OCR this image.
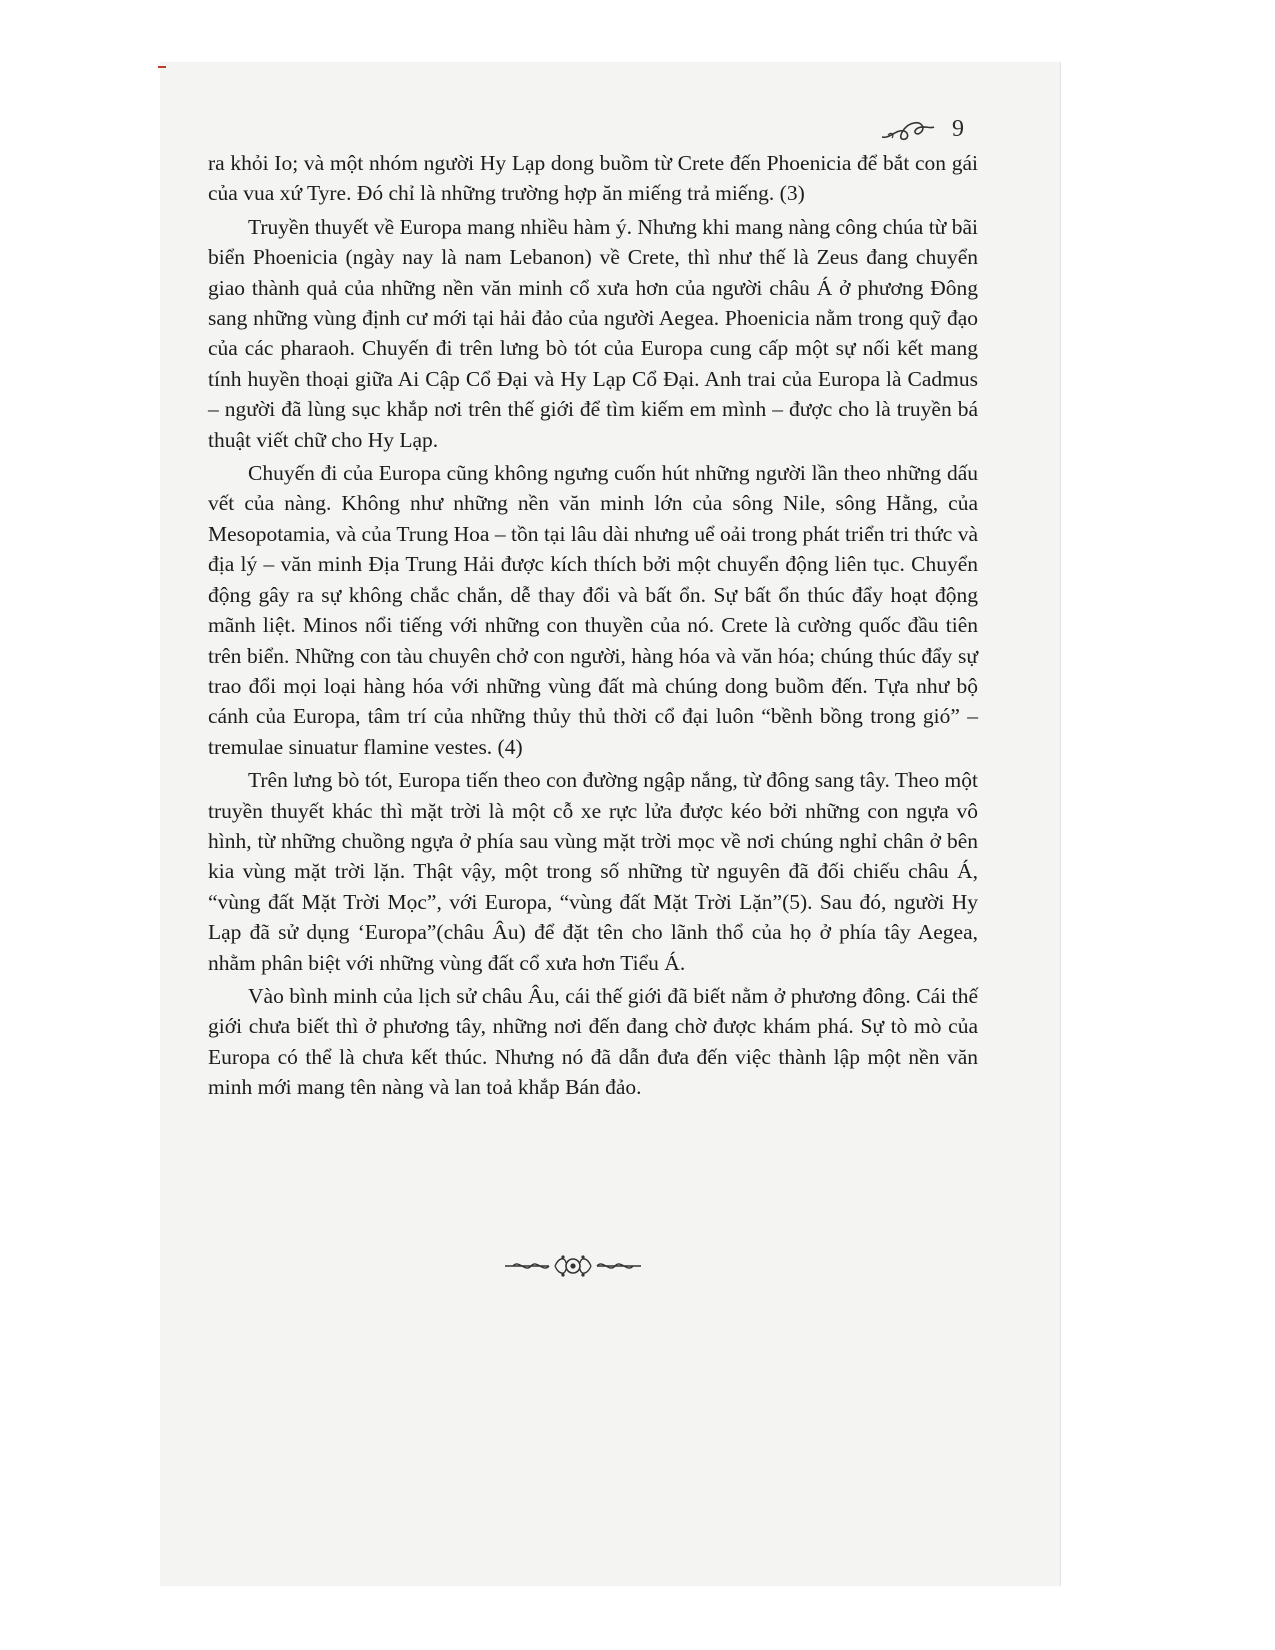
9

ra khỏi Io; và một nhóm người Hy Lạp dong buồm từ Crete đến Phoenicia để bắt con gái của vua xứ Tyre. Đó chỉ là những trường hợp ăn miếng trả miếng. (3)

Truyền thuyết về Europa mang nhiều hàm ý. Nhưng khi mang nàng công chúa từ bãi biển Phoenicia (ngày nay là nam Lebanon) về Crete, thì như thế là Zeus đang chuyển giao thành quả của những nền văn minh cổ xưa hơn của người châu Á ở phương Đông sang những vùng định cư mới tại hải đảo của người Aegea. Phoenicia nằm trong quỹ đạo của các pharaoh. Chuyến đi trên lưng bò tót của Europa cung cấp một sự nối kết mang tính huyền thoại giữa Ai Cập Cổ Đại và Hy Lạp Cổ Đại. Anh trai của Europa là Cadmus – người đã lùng sục khắp nơi trên thế giới để tìm kiếm em mình – được cho là truyền bá thuật viết chữ cho Hy Lạp.

Chuyến đi của Europa cũng không ngưng cuốn hút những người lần theo những dấu vết của nàng. Không như những nền văn minh lớn của sông Nile, sông Hằng, của Mesopotamia, và của Trung Hoa – tồn tại lâu dài nhưng uể oải trong phát triển tri thức và địa lý – văn minh Địa Trung Hải được kích thích bởi một chuyển động liên tục. Chuyển động gây ra sự không chắc chắn, dễ thay đổi và bất ổn. Sự bất ổn thúc đẩy hoạt động mãnh liệt. Minos nổi tiếng với những con thuyền của nó. Crete là cường quốc đầu tiên trên biển. Những con tàu chuyên chở con người, hàng hóa và văn hóa; chúng thúc đẩy sự trao đổi mọi loại hàng hóa với những vùng đất mà chúng dong buồm đến. Tựa như bộ cánh của Europa, tâm trí của những thủy thủ thời cổ đại luôn “bềnh bồng trong gió” – tremulae sinuatur flamine vestes. (4)

Trên lưng bò tót, Europa tiến theo con đường ngập nắng, từ đông sang tây. Theo một truyền thuyết khác thì mặt trời là một cỗ xe rực lửa được kéo bởi những con ngựa vô hình, từ những chuồng ngựa ở phía sau vùng mặt trời mọc về nơi chúng nghỉ chân ở bên kia vùng mặt trời lặn. Thật vậy, một trong số những từ nguyên đã đối chiếu châu Á, “vùng đất Mặt Trời Mọc”, với Europa, “vùng đất Mặt Trời Lặn”(5). Sau đó, người Hy Lạp đã sử dụng ‘Europa”(châu Âu) để đặt tên cho lãnh thổ của họ ở phía tây Aegea, nhằm phân biệt với những vùng đất cổ xưa hơn Tiểu Á.

Vào bình minh của lịch sử châu Âu, cái thế giới đã biết nằm ở phương đông. Cái thế giới chưa biết thì ở phương tây, những nơi đến đang chờ được khám phá. Sự tò mò của Europa có thể là chưa kết thúc. Nhưng nó đã dẫn đưa đến việc thành lập một nền văn minh mới mang tên nàng và lan toả khắp Bán đảo.
